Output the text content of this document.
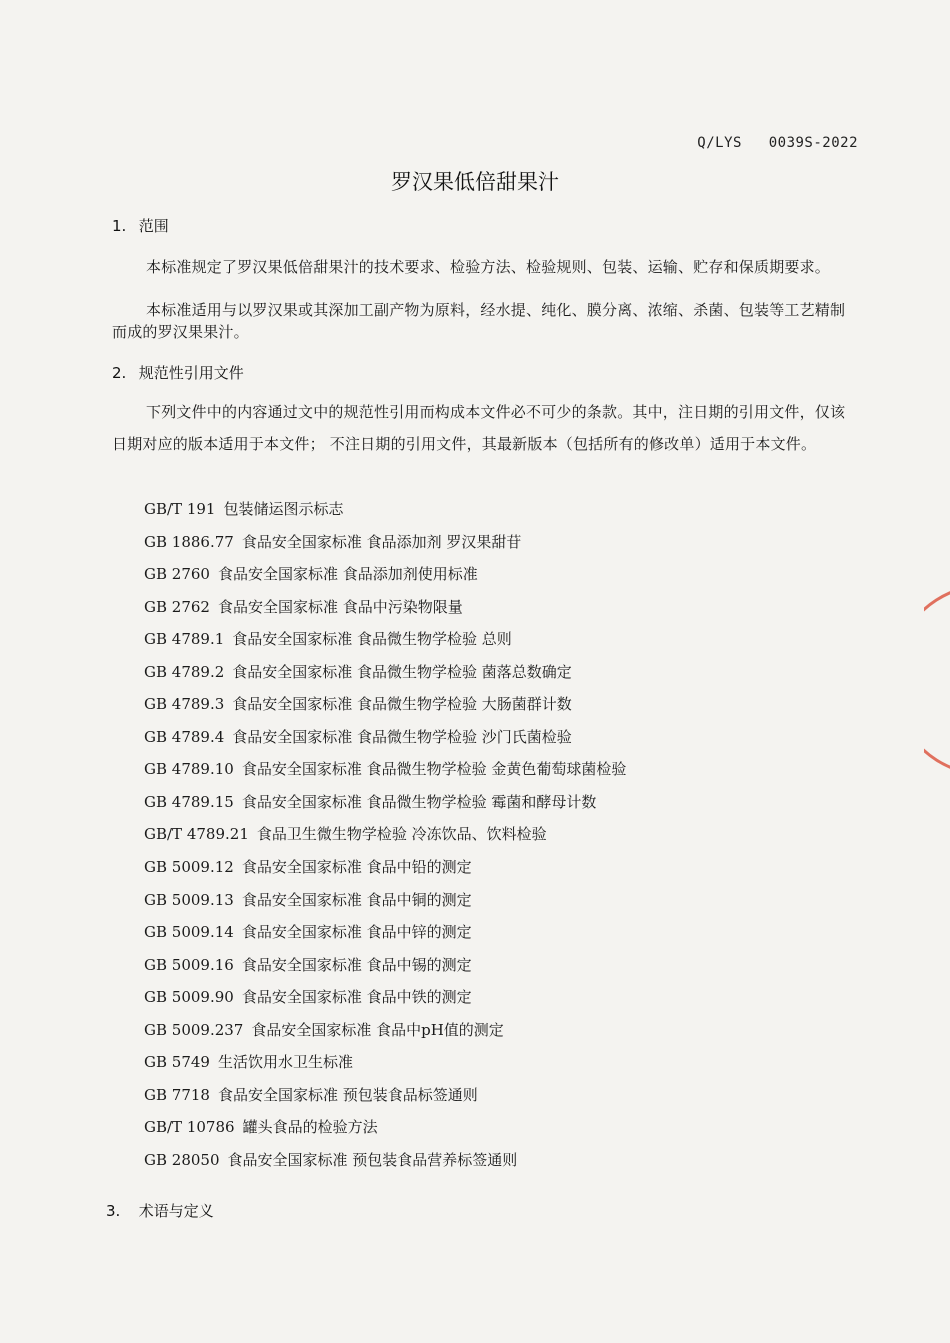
Q/LYS   0039S-2022
罗汉果低倍甜果汁
1. 范围

本标准规定了罗汉果低倍甜果汁的技术要求、检验方法、检验规则、包装、运输、贮存和保质期要求。

本标准适用与以罗汉果或其深加工副产物为原料，经水提、纯化、膜分离、浓缩、杀菌、包装等工艺精制而成的罗汉果果汁。

2. 规范性引用文件

下列文件中的内容通过文中的规范性引用而构成本文件必不可少的条款。其中，注日期的引用文件，仅该日期对应的版本适用于本文件； 不注日期的引用文件，其最新版本（包括所有的修改单）适用于本文件。

GB/T 191 包装储运图示标志
GB 1886.77 食品安全国家标准 食品添加剂 罗汉果甜苷
GB 2760 食品安全国家标准 食品添加剂使用标准
GB 2762 食品安全国家标准 食品中污染物限量
GB 4789.1 食品安全国家标准 食品微生物学检验 总则
GB 4789.2 食品安全国家标准 食品微生物学检验 菌落总数确定
GB 4789.3 食品安全国家标准 食品微生物学检验 大肠菌群计数
GB 4789.4 食品安全国家标准 食品微生物学检验 沙门氏菌检验
GB 4789.10 食品安全国家标准 食品微生物学检验 金黄色葡萄球菌检验
GB 4789.15 食品安全国家标准 食品微生物学检验 霉菌和酵母计数
GB/T 4789.21 食品卫生微生物学检验 冷冻饮品、饮料检验
GB 5009.12 食品安全国家标准 食品中铅的测定
GB 5009.13 食品安全国家标准 食品中铜的测定
GB 5009.14 食品安全国家标准 食品中锌的测定
GB 5009.16 食品安全国家标准 食品中锡的测定
GB 5009.90 食品安全国家标准 食品中铁的测定
GB 5009.237 食品安全国家标准 食品中pH值的测定
GB 5749 生活饮用水卫生标准
GB 7718 食品安全国家标准 预包装食品标签通则
GB/T 10786 罐头食品的检验方法
GB 28050 食品安全国家标准 预包装食品营养标签通则
3. 术语与定义
